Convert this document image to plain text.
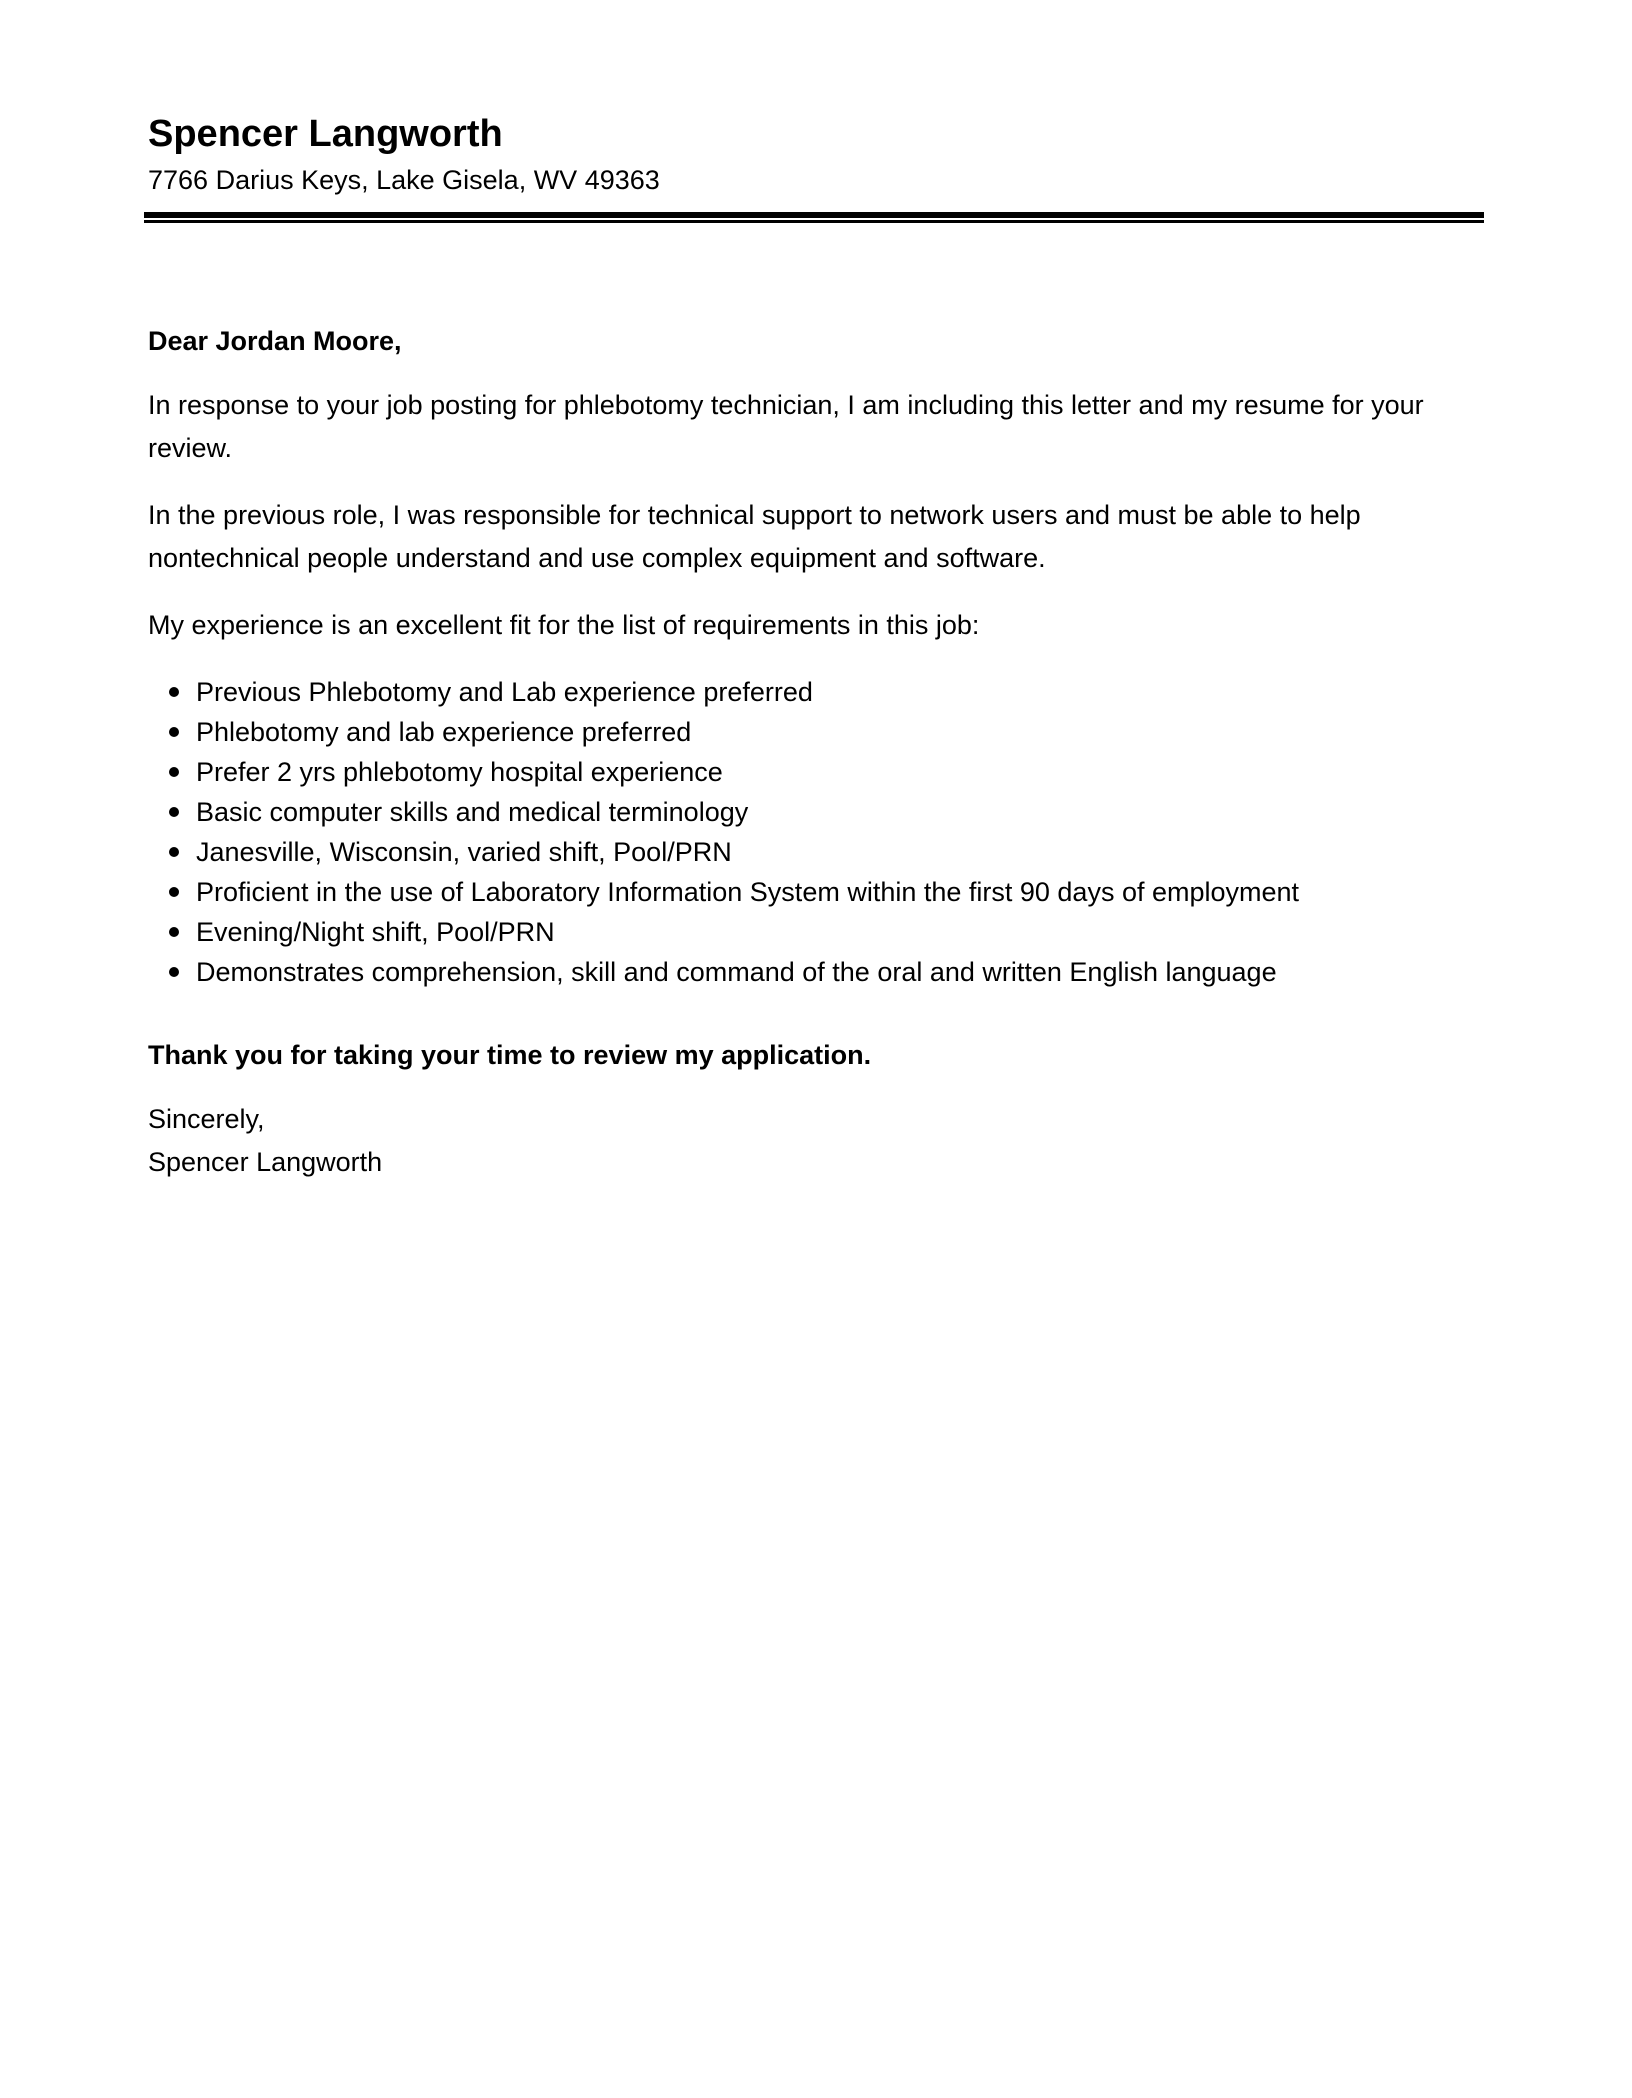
Spencer Langworth
7766 Darius Keys, Lake Gisela, WV 49363
Dear Jordan Moore,
In response to your job posting for phlebotomy technician, I am including this letter and my resume for your review.
In the previous role, I was responsible for technical support to network users and must be able to help nontechnical people understand and use complex equipment and software.
My experience is an excellent fit for the list of requirements in this job:
Previous Phlebotomy and Lab experience preferred
Phlebotomy and lab experience preferred
Prefer 2 yrs phlebotomy hospital experience
Basic computer skills and medical terminology
Janesville, Wisconsin, varied shift, Pool/PRN
Proficient in the use of Laboratory Information System within the first 90 days of employment
Evening/Night shift, Pool/PRN
Demonstrates comprehension, skill and command of the oral and written English language
Thank you for taking your time to review my application.
Sincerely,
Spencer Langworth
